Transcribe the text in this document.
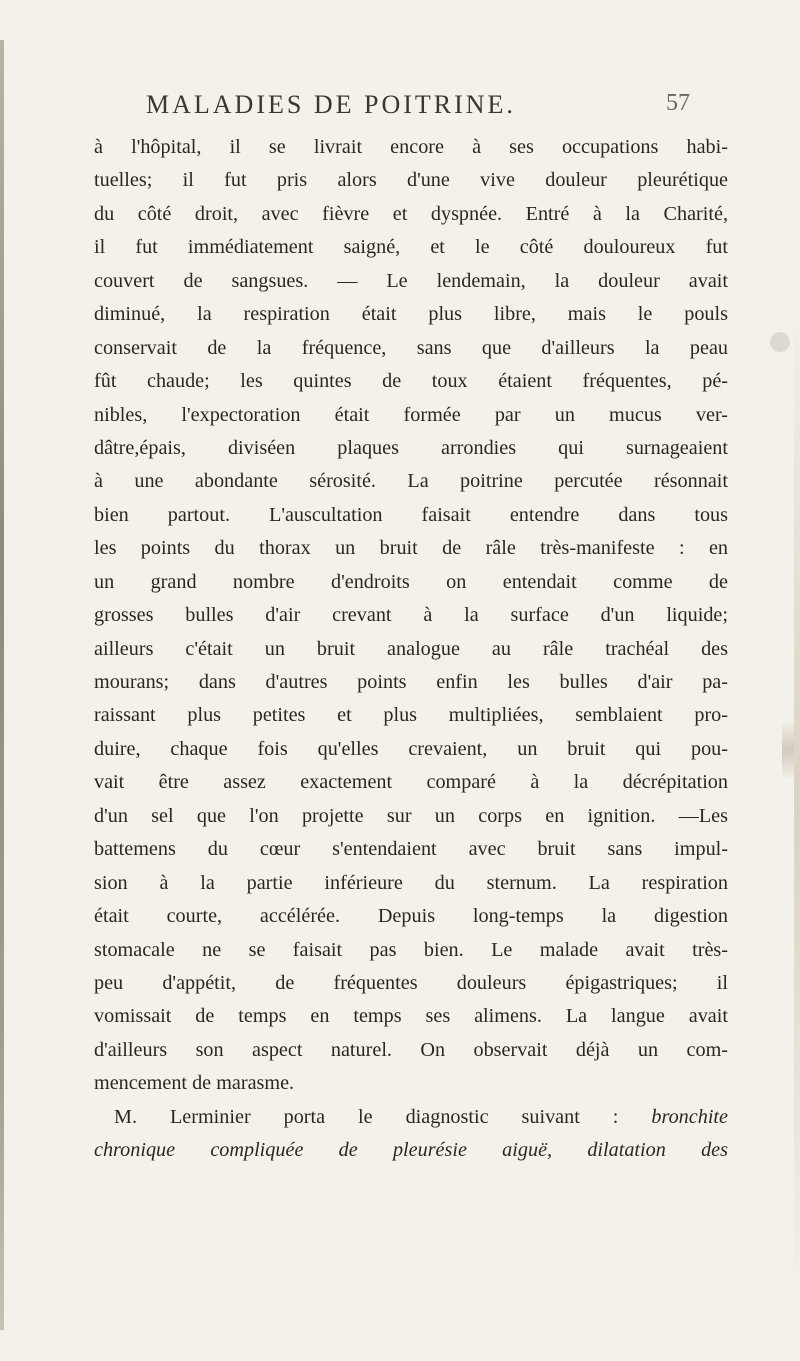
MALADIES DE POITRINE.	57
à l'hôpital, il se livrait encore à ses occupations habi-
tuelles; il fut pris alors d'une vive douleur pleurétique
du côté droit, avec fièvre et dyspnée. Entré à la Charité,
il fut immédiatement saigné, et le côté douloureux fut
couvert de sangsues. — Le lendemain, la douleur avait
diminué, la respiration était plus libre, mais le pouls
conservait de la fréquence, sans que d'ailleurs la peau
fût chaude; les quintes de toux étaient fréquentes, pé-
nibles, l'expectoration était formée par un mucus ver-
dâtre,épais, diviséen plaques arrondies qui surnageaient
à une abondante sérosité. La poitrine percutée résonnait
bien partout. L'auscultation faisait entendre dans tous
les points du thorax un bruit de râle très-manifeste : en
un grand nombre d'endroits on entendait comme de
grosses bulles d'air crevant à la surface d'un liquide;
ailleurs c'était un bruit analogue au râle trachéal des
mourans; dans d'autres points enfin les bulles d'air pa-
raissant plus petites et plus multipliées, semblaient pro-
duire, chaque fois qu'elles crevaient, un bruit qui pou-
vait être assez exactement comparé à la décrépitation
d'un sel que l'on projette sur un corps en ignition. —Les
battemens du cœur s'entendaient avec bruit sans impul-
sion à la partie inférieure du sternum. La respiration
était courte, accélérée. Depuis long-temps la digestion
stomacale ne se faisait pas bien. Le malade avait très-
peu d'appétit, de fréquentes douleurs épigastriques; il
vomissait de temps en temps ses alimens. La langue avait
d'ailleurs son aspect naturel. On observait déjà un com-
mencement de marasme.
M. Lerminier porta le diagnostic suivant : bronchite
chronique compliquée de pleurésie aiguë, dilatation des
